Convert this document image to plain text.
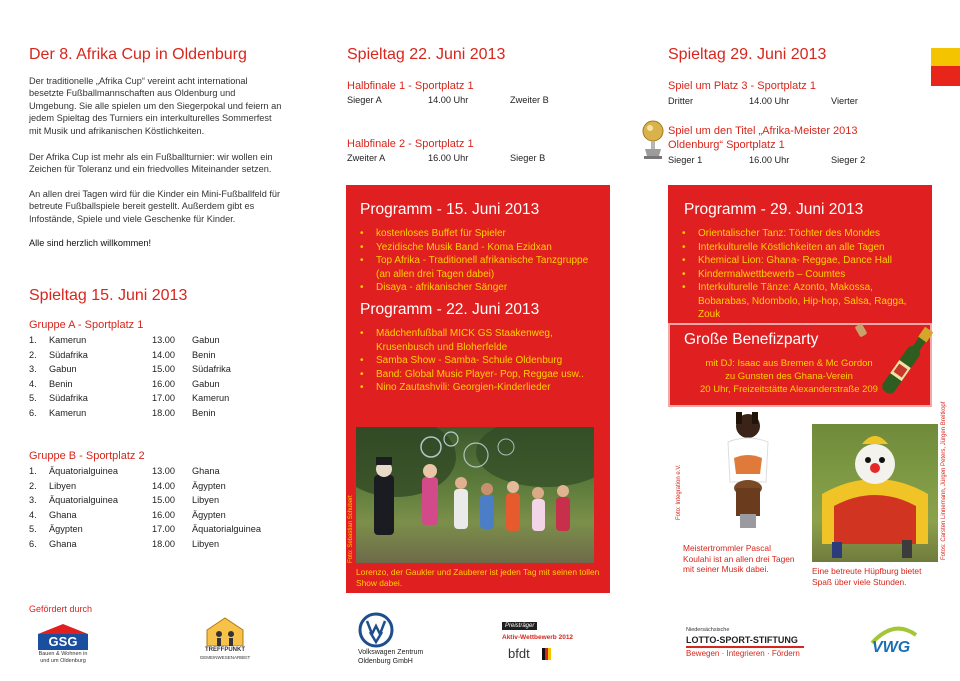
Der 8. Afrika Cup in Oldenburg
Der traditionelle „Afrika Cup“ vereint acht international besetzte Fußballmannschaften aus Oldenburg und Umgebung. Sie alle spielen um den Siegerpokal und feiern an jedem Spieltag des Turniers ein interkulturelles Sommerfest mit Musik und afrikanischen Köstlichkeiten.
Der Afrika Cup ist mehr als ein Fußballturnier: wir wollen ein Zeichen für Toleranz und ein friedvolles Miteinander setzen.
An allen drei Tagen wird für die Kinder ein Mini-Fußballfeld für betreute Fußballspiele bereit gestellt. Außerdem gibt es Infostände, Spiele und viele Geschenke für Kinder.
Alle sind herzlich willkommen!
Spieltag 15. Juni 2013
Gruppe A - Sportplatz 1
1. Kamerun	13.00 Gabun
2. Südafrika	14.00 Benin
3. Gabun	15.00 Südafrika
4. Benin	16.00 Gabun
5. Südafrika	17.00 Kamerun
6. Kamerun	18.00 Benin
Gruppe B - Sportplatz 2
1. Äquatorialguinea	13.00 Ghana
2. Libyen	14.00 Ägypten
3. Äquatorialguinea	15.00 Libyen
4. Ghana	16.00 Ägypten
5. Ägypten	17.00 Äquatorialguinea
6. Ghana	18.00 Libyen
Gefördert durch
Spieltag 22. Juni 2013
Halbfinale 1 - Sportplatz 1
Sieger A	14.00 Uhr	Zweiter B
Halbfinale 2 - Sportplatz 1
Zweiter A	16.00 Uhr	Sieger B
Programm - 15. Juni 2013
• kostenloses Buffet für Spieler
• Yezidische Musik Band - Koma Ezidxan
• Top Afrika - Traditionell afrikanische Tanzgruppe (an allen drei Tagen dabei)
• Disaya - afrikanischer Sänger
Programm - 22. Juni 2013
• Mädchenfußball MICK GS Staakenweg, Krusenbusch und Bloherfelde
• Samba Show - Samba- Schule Oldenburg
• Band: Global Music Player- Pop, Reggae usw..
• Nino Zautashvili: Georgien-Kinderlieder
Foto: Sebastian Schubert
Lorenzo, der Gaukler und Zauberer ist jeden Tag mit seinen tollen Show dabei.
Spieltag 29. Juni 2013
Spiel um Platz 3 - Sportplatz 1
Dritter	14.00 Uhr	Vierter
Spiel um den Titel „Afrika-Meister 2013 Oldenburg“ Sportplatz 1
Sieger 1	16.00 Uhr	Sieger 2
Programm - 29. Juni 2013
• Orientalischer Tanz: Töchter des Mondes
• Interkulturelle Köstlichkeiten an alle Tagen
• Khemical Lion: Ghana- Reggae, Dance Hall
• Kindermalwettbewerb – Coumtes
• Interkulturelle Tänze: Azonto, Makossa, Bobarabas, Ndombolo, Hip-hop, Salsa, Ragga, Zouk
Große Benefizparty
mit DJ: Isaac aus Bremen & Mc Gordon
zu Gunsten des Ghana-Verein
20 Uhr, Freizeitstätte Alexanderstraße 209
Foto: Integration e.V.
Meistertrommler Pascal Koulahi ist an allen drei Tagen mit seiner Musik dabei.	Eine betreute Hüpfburg bietet Spaß über viele Stunden.
Fotos: Carsten Linnemann, Jürgen Peters, Jürgen Breitkopf
GSG
Bauen & Wohnen in und um Oldenburg
TREFFPUNKT
GEMEINWESENARBEIT
Volkswagen Zentrum
Oldenburg GmbH
Preisträger
Aktiv-Wettbewerb 2012
bfdt
Niedersächsische
LOTTO-SPORT-STIFTUNG
Bewegen · Integrieren · Fördern	VWG
